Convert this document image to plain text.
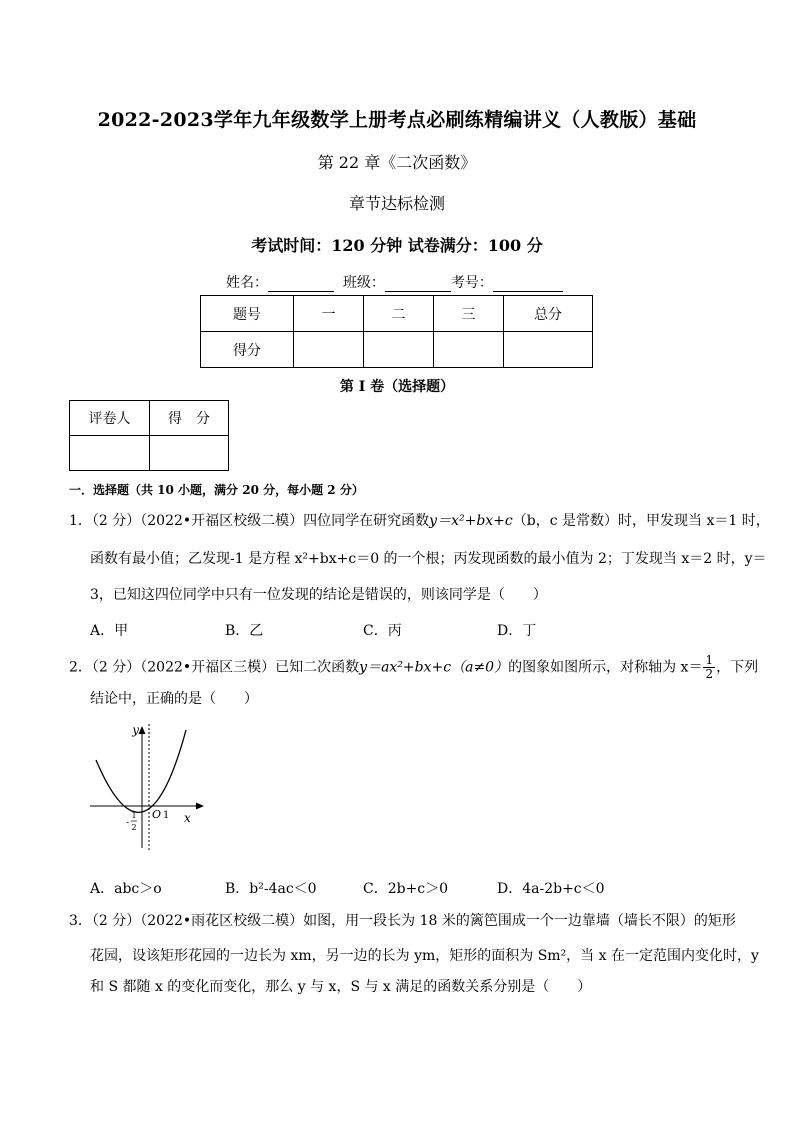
2022-2023学年九年级数学上册考点必刷练精编讲义（人教版）基础
第 22 章《二次函数》
章节达标检测
考试时间：120 分钟 试卷满分：100 分
姓名：	班级：	考号：
题号	一	二	三	总分
得分				
第 I 卷（选择题）
评卷人	得　分

一．选择题（共 10 小题，满分 20 分，每小题 2 分）
1．（2 分）（2022•开福区校级二模）四位同学在研究函数y＝x²+bx+c（b，c 是常数）时，甲发现当 x＝1 时，
函数有最小值；乙发现-1 是方程 x²+bx+c＝0 的一个根；丙发现函数的最小值为 2；丁发现当 x＝2 时，y＝
3，已知这四位同学中只有一位发现的结论是错误的，则该同学是（　　）
A．甲	B．乙	C．丙	D．丁
2．（2 分）（2022•开福区三模）已知二次函数y＝ax²+bx+c（a≠0）的图象如图所示，对称轴为 $x= \frac{1}{2}$ ，下列
结论中，正确的是（　　）
y
x
O 1
-
1
2
A．abc＞o	B．b²-4ac＜0	C．2b+c＞0	D．4a-2b+c＜0
3．（2 分）（2022•雨花区校级二模）如图，用一段长为 18 米的篱笆围成一个一边靠墙（墙长不限）的矩形
花园，设该矩形花园的一边长为 xm，另一边的长为 ym，矩形的面积为 Sm²，当 x 在一定范围内变化时，y
和 S 都随 x 的变化而变化，那么 y 与 x，S 与 x 满足的函数关系分别是（　　）
